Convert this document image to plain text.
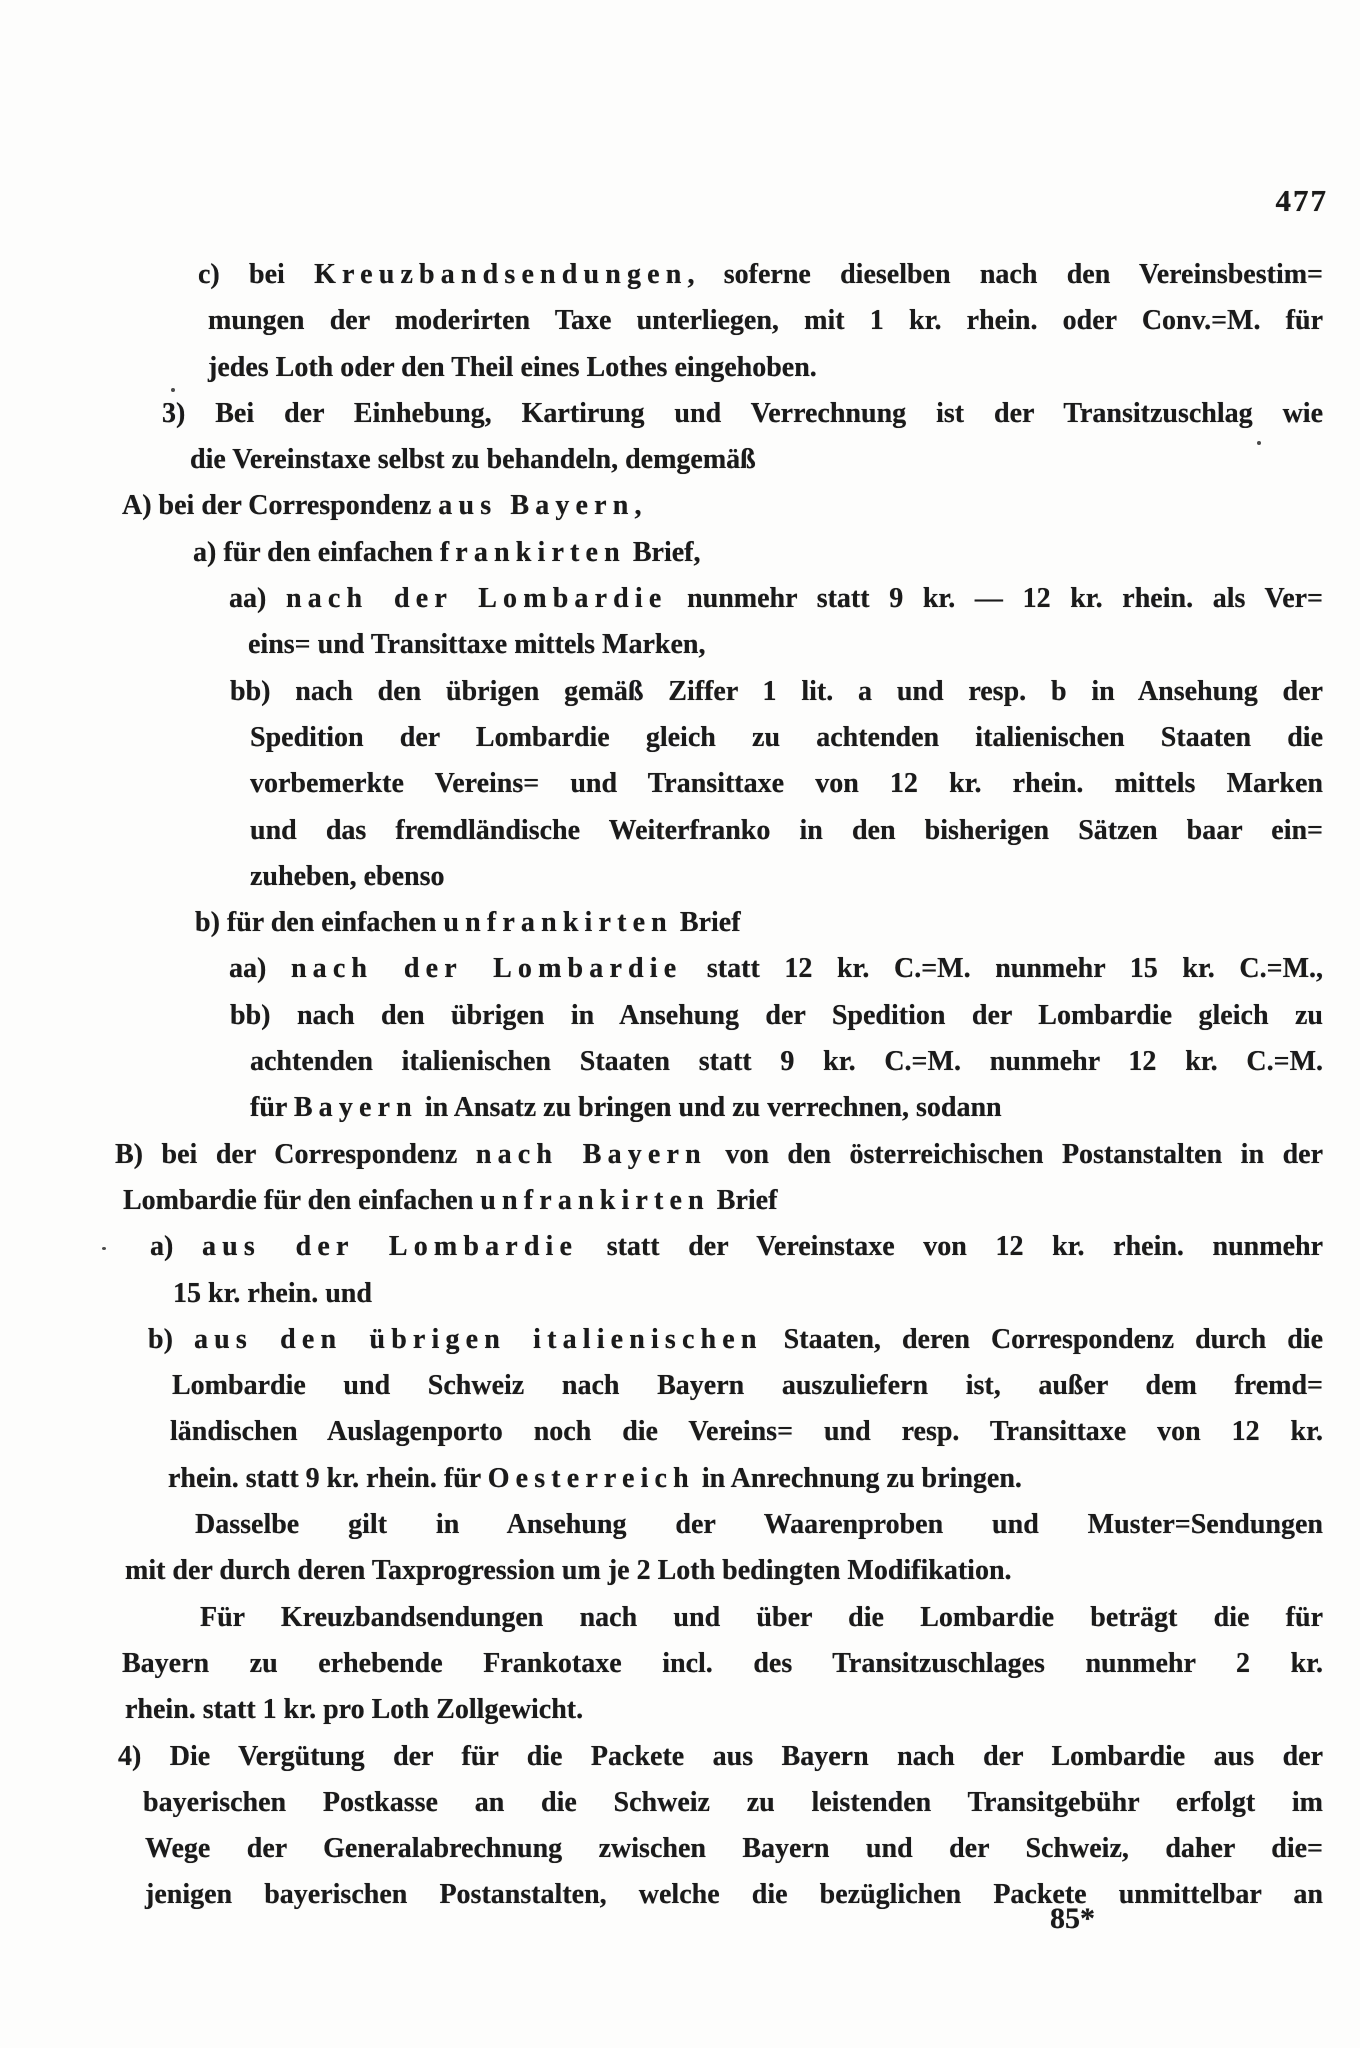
477
c) bei Kreuzbandsendungen, soferne dieselben nach den Vereinsbestim=
mungen der moderirten Taxe unterliegen, mit 1 kr. rhein. oder Conv.=M. für
jedes Loth oder den Theil eines Lothes eingehoben.
3) Bei der Einhebung, Kartirung und Verrechnung ist der Transitzuschlag wie
die Vereinstaxe selbst zu behandeln, demgemäß
A) bei der Correspondenz aus Bayern,
a) für den einfachen frankirten Brief,
aa) nach der Lombardie nunmehr statt 9 kr. — 12 kr. rhein. als Ver=
eins= und Transittaxe mittels Marken,
bb) nach den übrigen gemäß Ziffer 1 lit. a und resp. b in Ansehung der
Spedition der Lombardie gleich zu achtenden italienischen Staaten die
vorbemerkte Vereins= und Transittaxe von 12 kr. rhein. mittels Marken
und das fremdländische Weiterfranko in den bisherigen Sätzen baar ein=
zuheben, ebenso
b) für den einfachen unfrankirten Brief
aa) nach der Lombardie statt 12 kr. C.=M. nunmehr 15 kr. C.=M.,
bb) nach den übrigen in Ansehung der Spedition der Lombardie gleich zu
achtenden italienischen Staaten statt 9 kr. C.=M. nunmehr 12 kr. C.=M.
für Bayern in Ansatz zu bringen und zu verrechnen, sodann
B) bei der Correspondenz nach Bayern von den österreichischen Postanstalten in der
Lombardie für den einfachen unfrankirten Brief
a) aus der Lombardie statt der Vereinstaxe von 12 kr. rhein. nunmehr
15 kr. rhein. und
b) aus den übrigen italienischen Staaten, deren Correspondenz durch die
Lombardie und Schweiz nach Bayern auszuliefern ist, außer dem fremd=
ländischen Auslagenporto noch die Vereins= und resp. Transittaxe von 12 kr.
rhein. statt 9 kr. rhein. für Oesterreich in Anrechnung zu bringen.
Dasselbe gilt in Ansehung der Waarenproben und Muster=Sendungen
mit der durch deren Taxprogression um je 2 Loth bedingten Modifikation.
Für Kreuzbandsendungen nach und über die Lombardie beträgt die für
Bayern zu erhebende Frankotaxe incl. des Transitzuschlages nunmehr 2 kr.
rhein. statt 1 kr. pro Loth Zollgewicht.
4) Die Vergütung der für die Packete aus Bayern nach der Lombardie aus der
bayerischen Postkasse an die Schweiz zu leistenden Transitgebühr erfolgt im
Wege der Generalabrechnung zwischen Bayern und der Schweiz, daher die=
jenigen bayerischen Postanstalten, welche die bezüglichen Packete unmittelbar an
85*
